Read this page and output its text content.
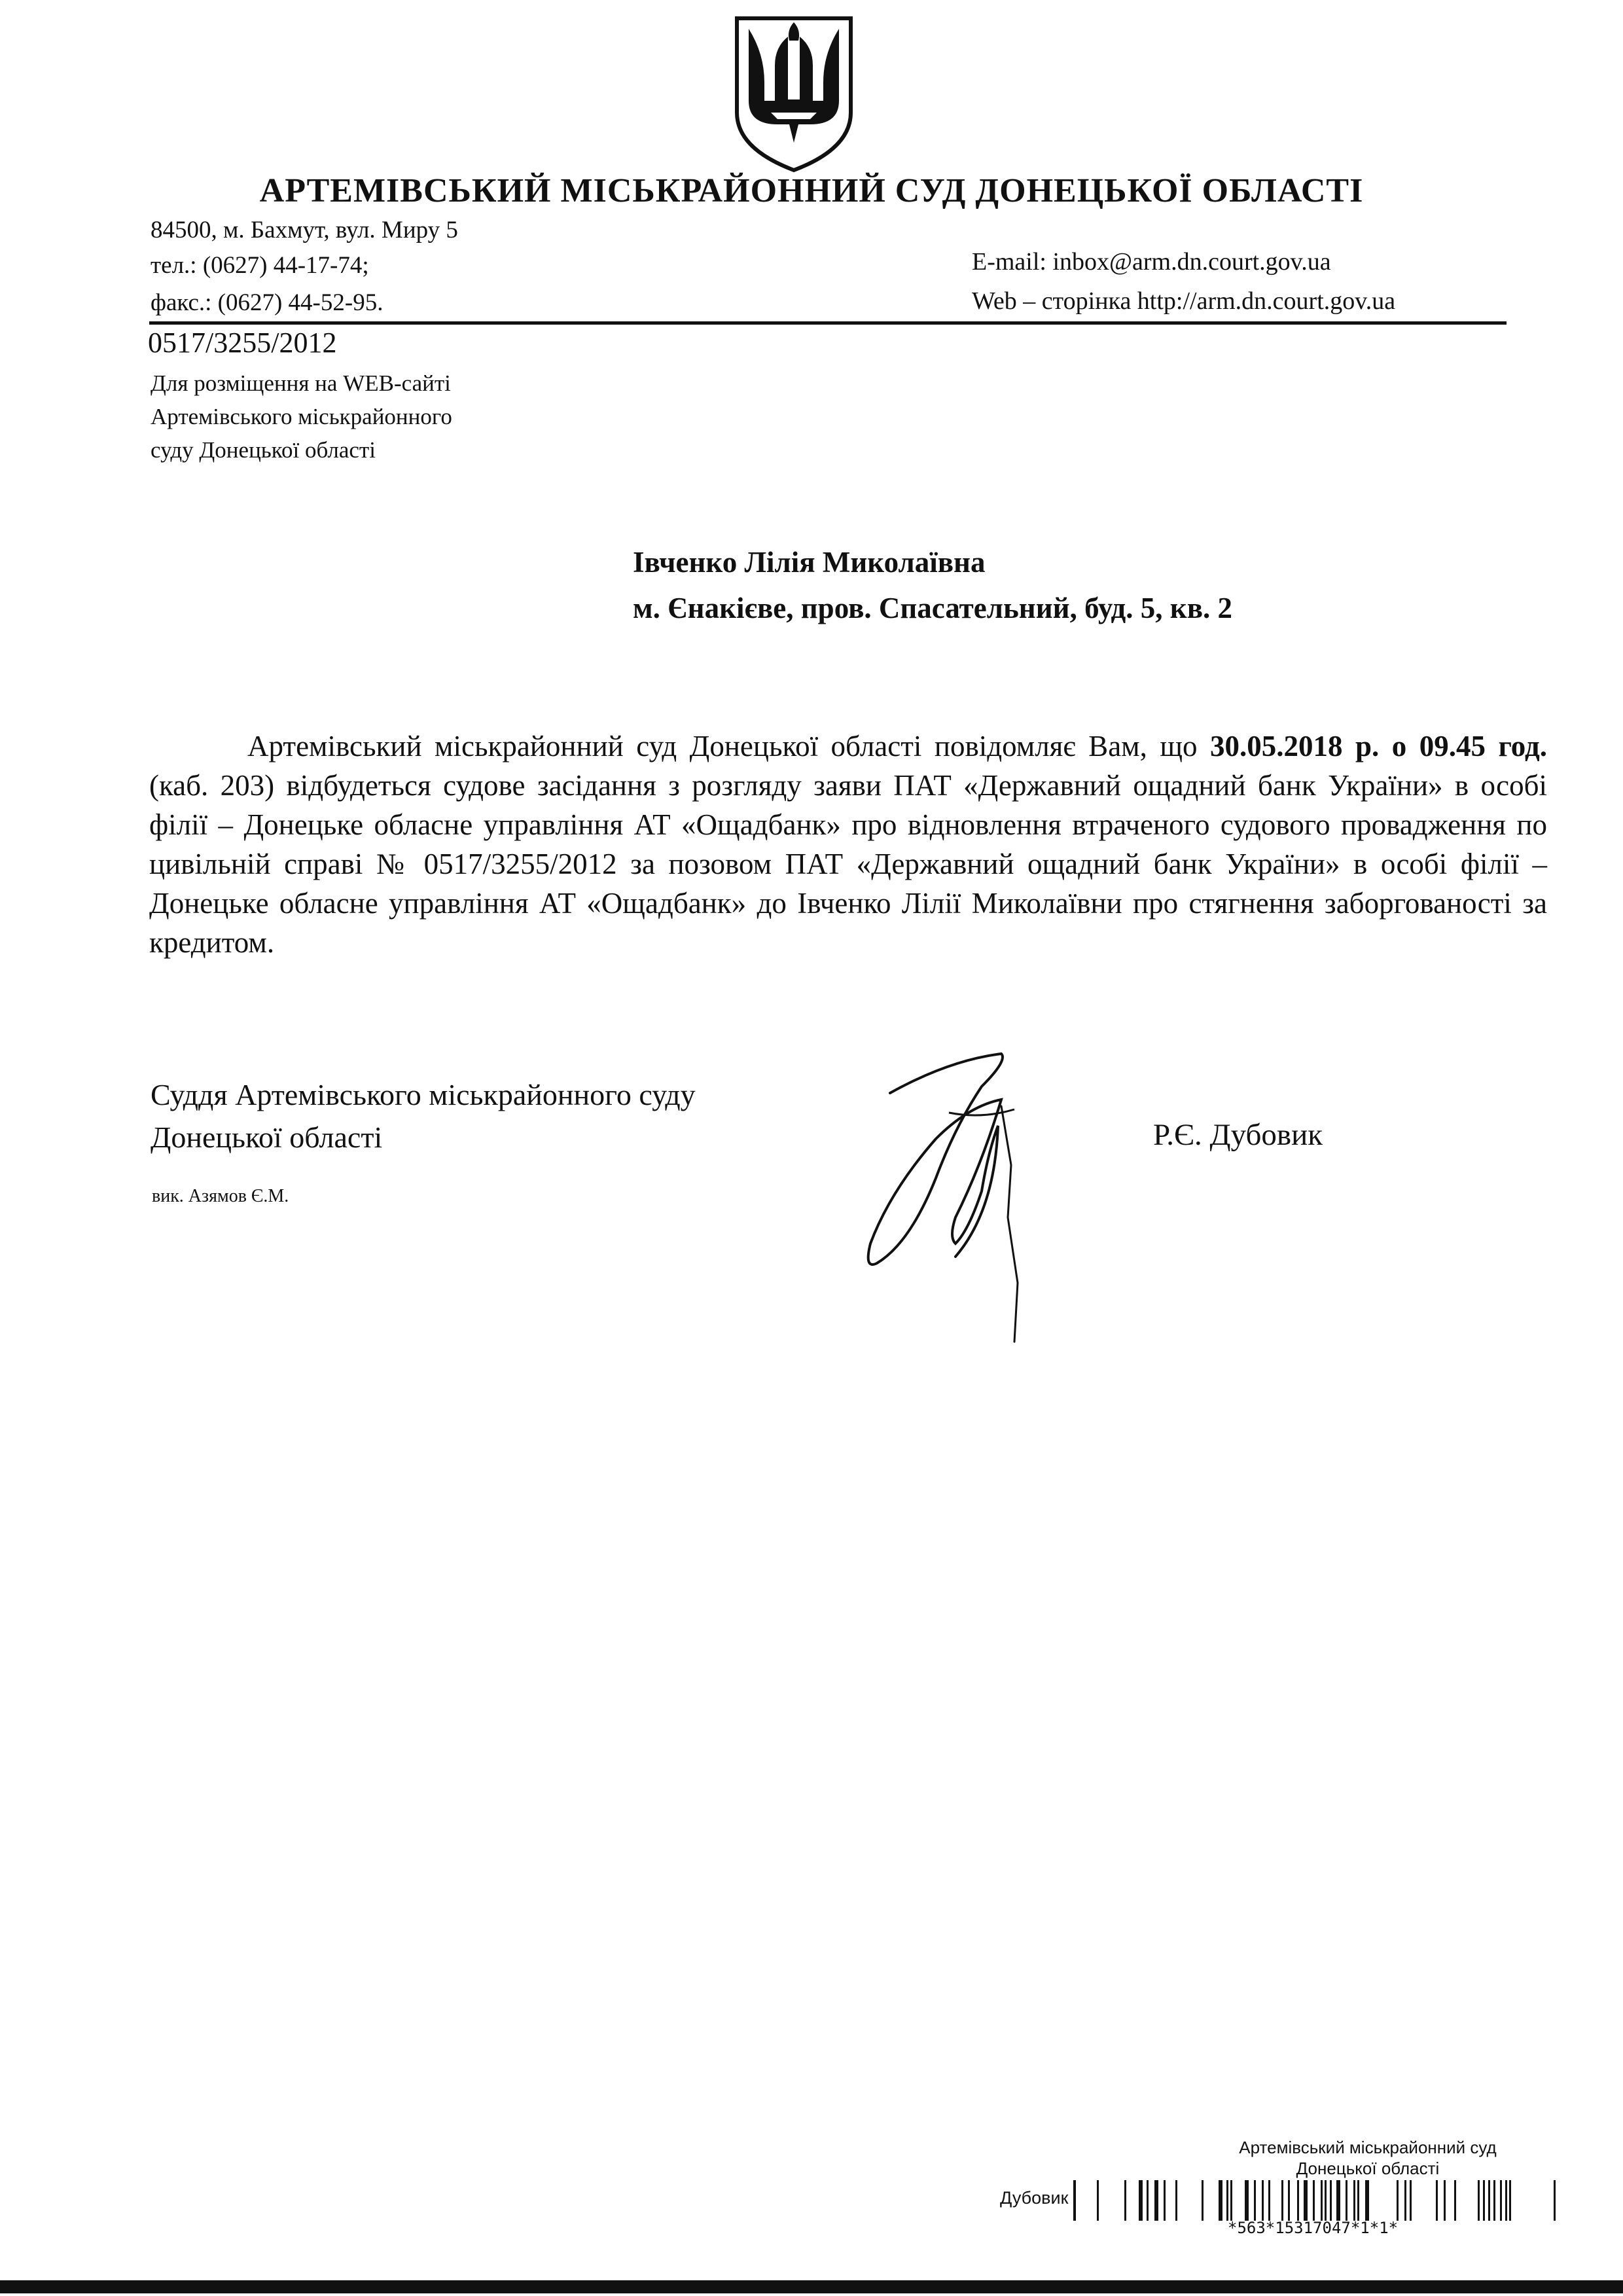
АРТЕМІВСЬКИЙ МІСЬКРАЙОННИЙ СУД ДОНЕЦЬКОЇ ОБЛАСТІ
84500, м. Бахмут, вул. Миру 5
тел.: (0627) 44-17-74;
факс.: (0627) 44-52-95.
E-mail: inbox@arm.dn.court.gov.ua
Web – сторінка http://arm.dn.court.gov.ua
0517/3255/2012
Для розміщення на WEB-сайті
Артемівського міськрайонного
суду Донецької області
Івченко Лілія Миколаївна
м. Єнакієве, пров. Спасательний, буд. 5, кв. 2

Артемівський міськрайонний суд Донецької області повідомляє Вам, що 30.05.2018 р. о 09.45 год. (каб. 203) відбудеться судове засідання з розгляду заяви ПАТ «Державний ощадний банк України» в особі філії – Донецьке обласне управління АТ «Ощадбанк» про відновлення втраченого судового провадження по цивільній справі № 0517/3255/2012 за позовом ПАТ «Державний ощадний банк України» в особі філії – Донецьке обласне управління АТ «Ощадбанк» до Івченко Лілії Миколаївни про стягнення заборгованості за кредитом.

Суддя Артемівського міськрайонного суду
Донецької області
вик. Азямов Є.М.
Р.Є. Дубовик
Артемівський міськрайонний суд
Донецької області
Дубовик
*563*15317047*1*1*
